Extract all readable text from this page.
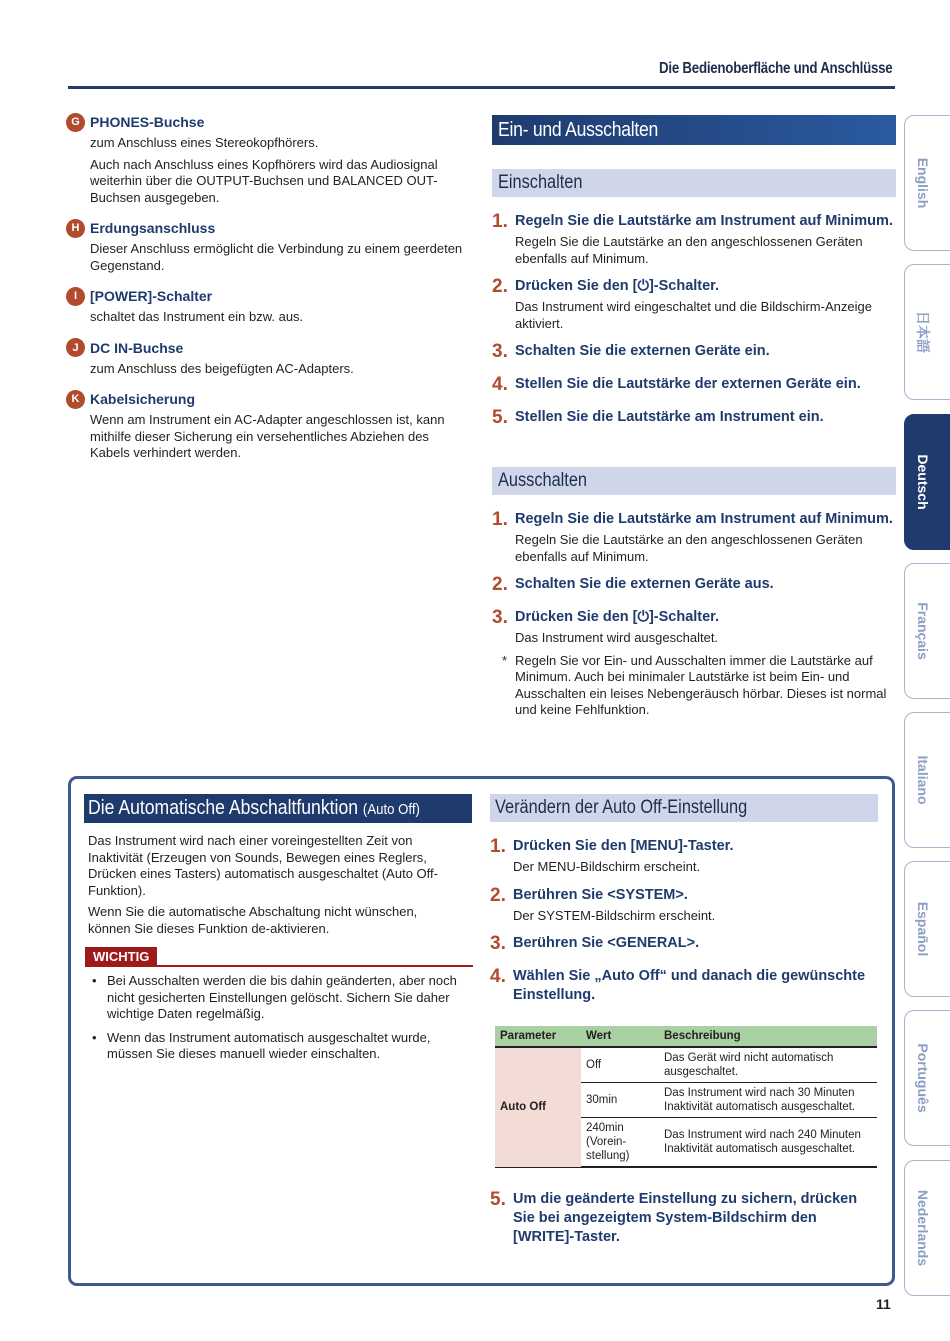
Die Bedienoberfläche und Anschlüsse
G PHONES-Buchse

zum Anschluss eines Stereokopfhörers.

Auch nach Anschluss eines Kopfhörers wird das Audiosignal weiterhin über die OUTPUT-Buchsen und BALANCED OUT-Buchsen ausgegeben.

H Erdungsanschluss

Dieser Anschluss ermöglicht die Verbindung zu einem geerdeten Gegenstand.

I [POWER]-Schalter

schaltet das Instrument ein bzw. aus.

J DC IN-Buchse

zum Anschluss des beigefügten AC-Adapters.

K Kabelsicherung

Wenn am Instrument ein AC-Adapter angeschlossen ist, kann mithilfe dieser Sicherung ein versehentliches Abziehen des Kabels verhindert werden.

Ein- und Ausschalten
Einschalten
1. Regeln Sie die Lautstärke am Instrument auf Minimum.
Regeln Sie die Lautstärke an den angeschlossenen Geräten ebenfalls auf Minimum.
2. Drücken Sie den [⏻]-Schalter.
Das Instrument wird eingeschaltet und die Bildschirm-Anzeige aktiviert.
3. Schalten Sie die externen Geräte ein.
4. Stellen Sie die Lautstärke der externen Geräte ein.
5. Stellen Sie die Lautstärke am Instrument ein.
Ausschalten
1. Regeln Sie die Lautstärke am Instrument auf Minimum.
Regeln Sie die Lautstärke an den angeschlossenen Geräten ebenfalls auf Minimum.
2. Schalten Sie die externen Geräte aus.
3. Drücken Sie den [⏻]-Schalter.
Das Instrument wird ausgeschaltet.
* Regeln Sie vor Ein- und Ausschalten immer die Lautstärke auf Minimum. Auch bei minimaler Lautstärke ist beim Ein- und Ausschalten ein leises Nebengeräusch hörbar. Dieses ist normal und keine Fehlfunktion.
Die Automatische Abschaltfunktion (Auto Off)

Das Instrument wird nach einer voreingestellten Zeit von Inaktivität (Erzeugen von Sounds, Bewegen eines Reglers, Drücken eines Tasters) automatisch ausgeschaltet (Auto Off-Funktion).

Wenn Sie die automatische Abschaltung nicht wünschen, können Sie dieses Funktion de-aktivieren.

WICHTIG
• Bei Ausschalten werden die bis dahin geänderten, aber noch nicht gesicherten Einstellungen gelöscht. Sichern Sie daher wichtige Daten regelmäßig.
• Wenn das Instrument automatisch ausgeschaltet wurde, müssen Sie dieses manuell wieder einschalten.
Verändern der Auto Off-Einstellung
1. Drücken Sie den [MENU]-Taster.
Der MENU-Bildschirm erscheint.
2. Berühren Sie <SYSTEM>.
Der SYSTEM-Bildschirm erscheint.
3. Berühren Sie <GENERAL>.
4. Wählen Sie „Auto Off“ und danach die gewünschte Einstellung.
Parameter	Wert	Beschreibung
Auto Off	Off	Das Gerät wird nicht automatisch ausgeschaltet.
	30min	Das Instrument wird nach 30 Minuten Inaktivität automatisch ausgeschaltet.
	240min (Vorein-stellung)	Das Instrument wird nach 240 Minuten Inaktivität automatisch ausgeschaltet.
5. Um die geänderte Einstellung zu sichern, drücken Sie bei angezeigtem System-Bildschirm den [WRITE]-Taster.
English
日本語
Deutsch
Français
Italiano
Español
Português
Nederlands
11
